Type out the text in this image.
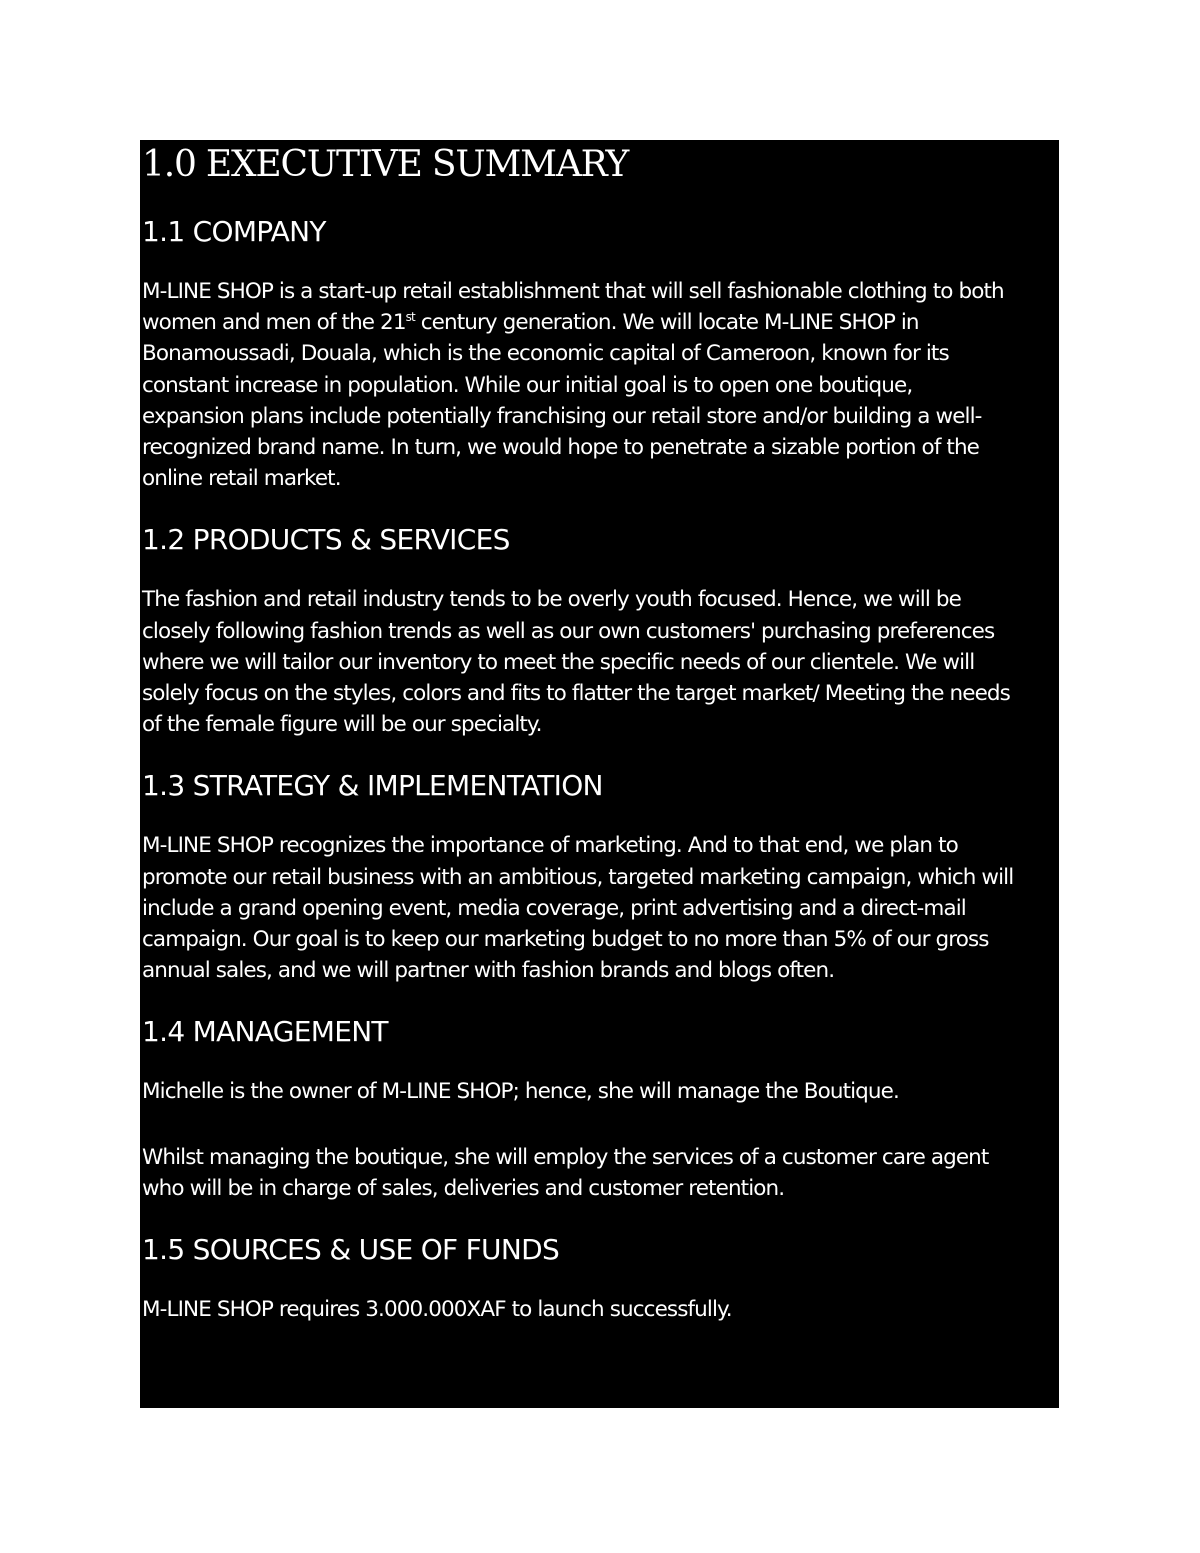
1.0 EXECUTIVE SUMMARY
1.1 COMPANY

M-LINE SHOP is a start-up retail establishment that will sell fashionable clothing to both
women and men of the 21st century generation. We will locate M-LINE SHOP in
Bonamoussadi, Douala, which is the economic capital of Cameroon, known for its
constant increase in population. While our initial goal is to open one boutique,
expansion plans include potentially franchising our retail store and/or building a well-
recognized brand name. In turn, we would hope to penetrate a sizable portion of the
online retail market.

1.2 PRODUCTS & SERVICES

The fashion and retail industry tends to be overly youth focused. Hence, we will be
closely following fashion trends as well as our own customers' purchasing preferences
where we will tailor our inventory to meet the specific needs of our clientele. We will
solely focus on the styles, colors and fits to flatter the target market/ Meeting the needs
of the female figure will be our specialty.

1.3 STRATEGY & IMPLEMENTATION

M-LINE SHOP recognizes the importance of marketing. And to that end, we plan to
promote our retail business with an ambitious, targeted marketing campaign, which will
include a grand opening event, media coverage, print advertising and a direct-mail
campaign. Our goal is to keep our marketing budget to no more than 5% of our gross
annual sales, and we will partner with fashion brands and blogs often.

1.4 MANAGEMENT

Michelle is the owner of M-LINE SHOP; hence, she will manage the Boutique.

Whilst managing the boutique, she will employ the services of a customer care agent
who will be in charge of sales, deliveries and customer retention.

1.5 SOURCES & USE OF FUNDS

M-LINE SHOP requires 3.000.000XAF to launch successfully.
